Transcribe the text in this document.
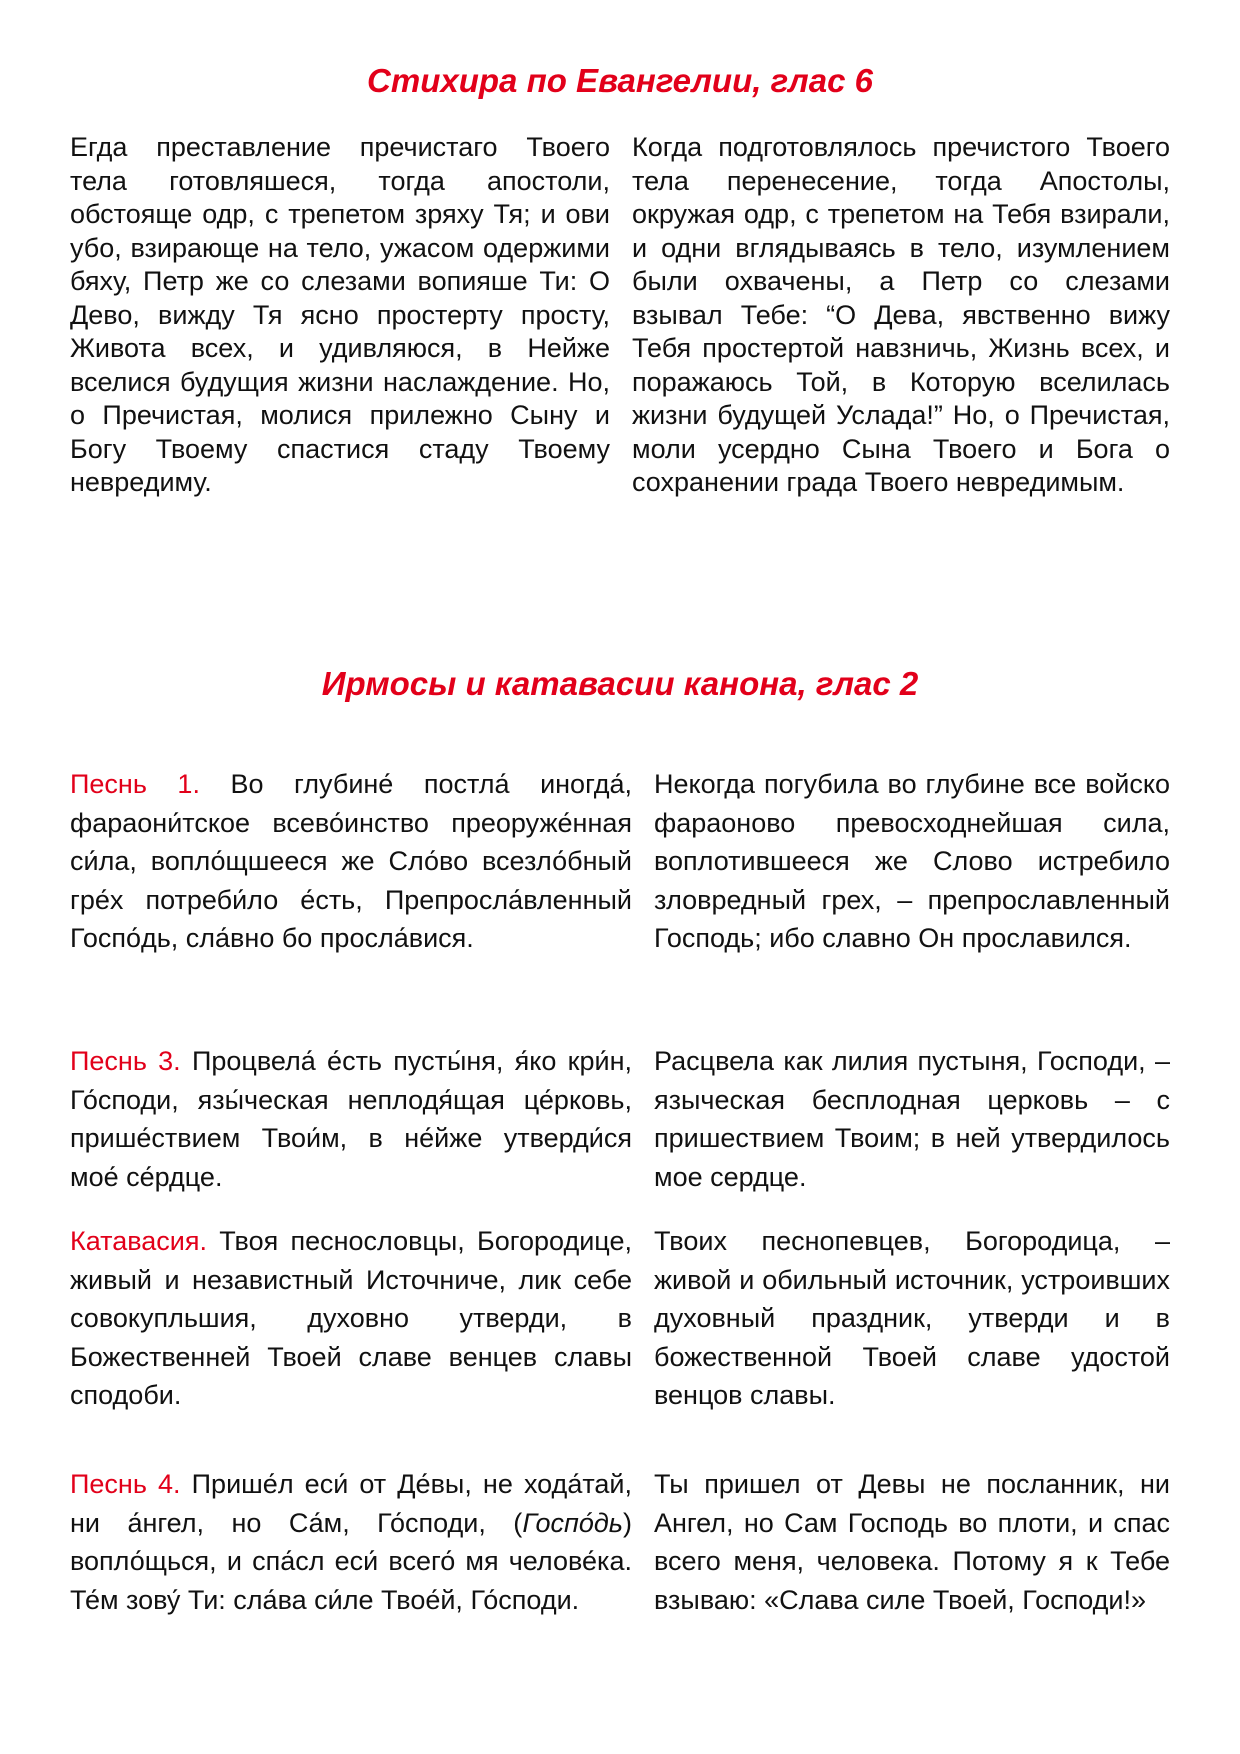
Стихира по Евангелии, глас 6

Егда преставление пречистаго Твоего тела готовляшеся, тогда апостоли, обстояще одр, с трепетом зряху Тя; и ови убо, взирающе на тело, ужасом одержими бяху, Петр же со слезами вопияше Ти: О Дево, вижду Тя ясно простерту просту, Живота всех, и удивляюся, в Нейже вселися будущия жизни наслаждение. Но, о Пречистая, молися прилежно Сыну и Богу Твоему спастися стаду Твоему невредиму.

Когда подготовлялось пречистого Твоего тела перенесение, тогда Апостолы, окружая одр, с трепетом на Тебя взирали, и одни вглядываясь в тело, изумлением были охвачены, а Петр со слезами взывал Тебе: “О Дева, явственно вижу Тебя простертой навзничь, Жизнь всех, и поражаюсь Той, в Которую вселилась жизни будущей Услада!” Но, о Пречистая, моли усердно Сына Твоего и Бога о сохранении града Твоего невредимым.

Ирмосы и катавасии канона, глас 2

Песнь 1. Во глубине́ постла́ иногда́, фараони́тское всево́инство преоруже́нная си́ла, вопло́щшееся же Сло́во всезло́бный гре́х потреби́ло е́сть, Препросла́вленный Госпо́дь, сла́вно бо просла́вися.

Некогда погубила во глубине все войско фараоново превосходнейшая сила, воплотившееся же Слово истребило зловредный грех, – препрославленный Господь; ибо славно Он прославился.

Песнь 3. Процвела́ е́сть пусты́ня, я́ко кри́н, Го́споди, язы́ческая неплодя́щая це́рковь, прише́ствием Твои́м, в не́йже утверди́ся мое́ се́рдце.

Расцвела как лилия пустыня, Господи, – языческая бесплодная церковь – с пришествием Твоим; в ней утвердилось мое сердце.

Катавасия. Твоя песнословцы, Богородице, живый и независтный Источниче, лик себе совокупльшия, духовно утверди, в Божественней Твоей славе венцев славы сподоби.

Твоих песнопевцев, Богородица, – живой и обильный источник, устроивших духовный праздник, утверди и в божественной Твоей славе удостой венцов славы.

Песнь 4. Прише́л еси́ от Де́вы, не хода́тай, ни а́нгел, но Са́м, Го́споди, (Госпо́дь) вопло́щься, и спа́сл еси́ всего́ мя челове́ка. Те́м зову́ Ти: сла́ва си́ле Твое́й, Го́споди.

Ты пришел от Девы не посланник, ни Ангел, но Сам Господь во плоти, и спас всего меня, человека. Потому я к Тебе взываю: «Слава силе Твоей, Господи!»
